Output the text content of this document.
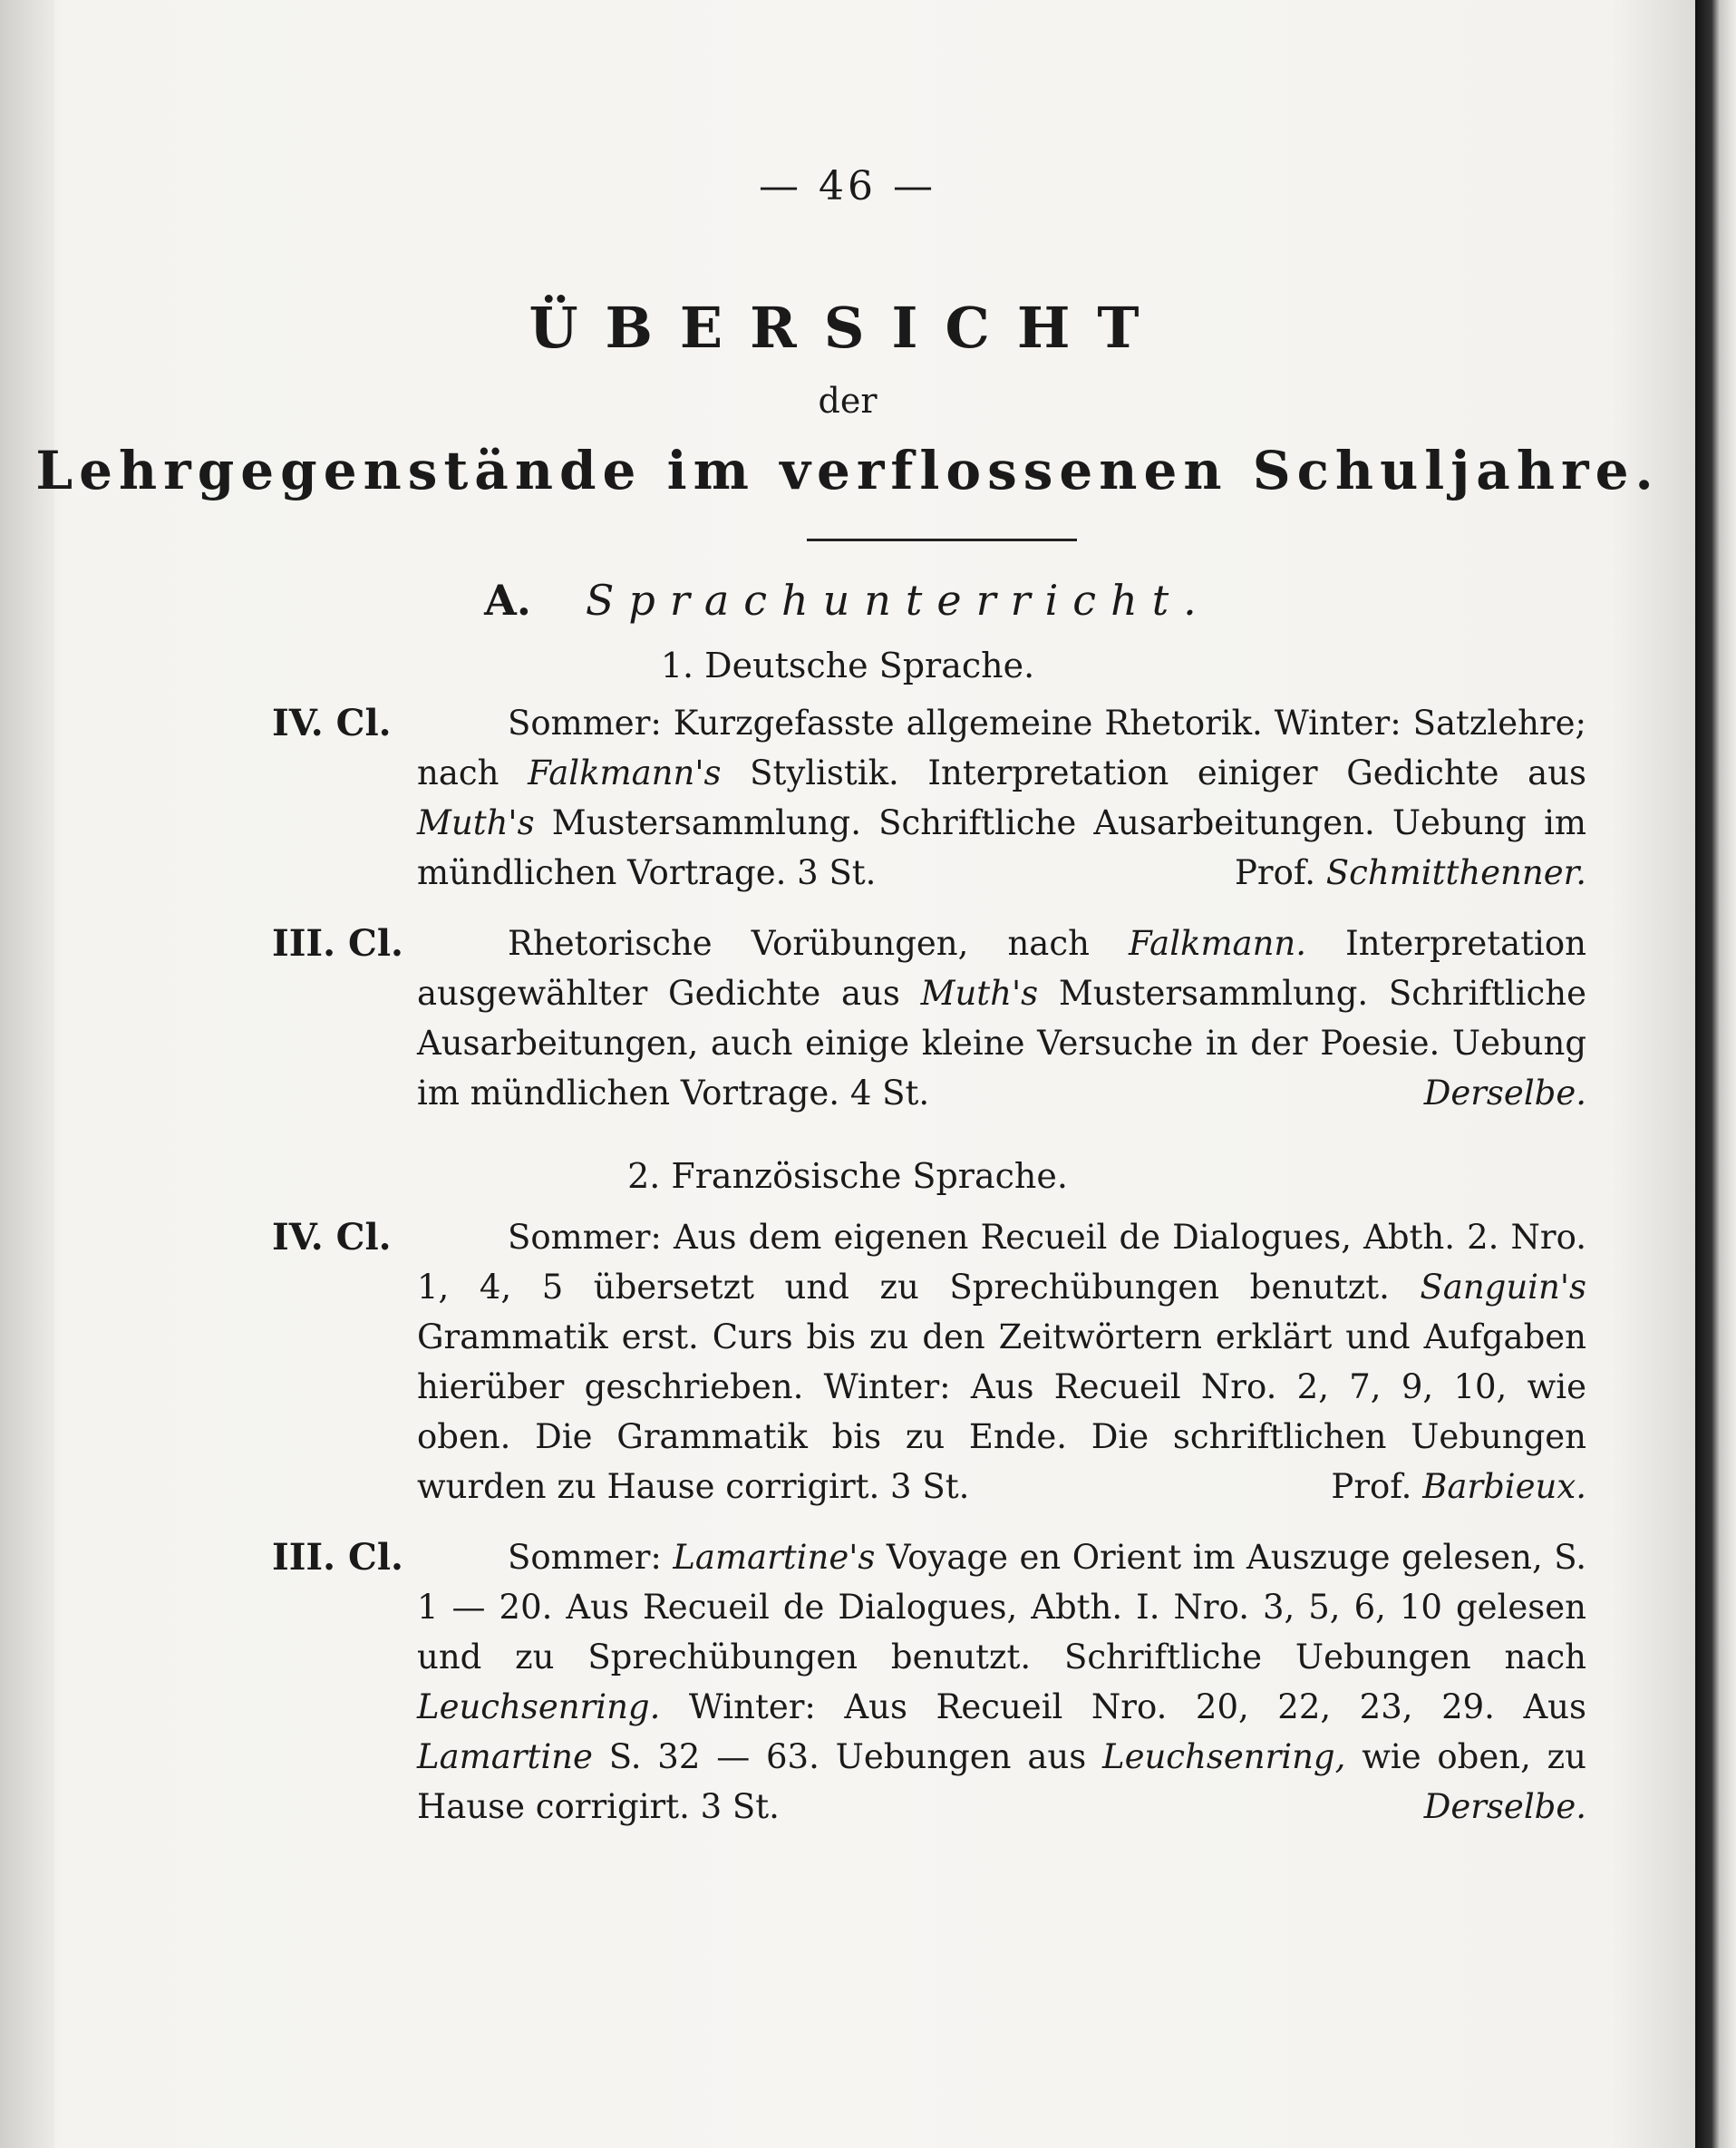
— 46 —
ÜBERSICHT
der
Lehrgegenstände im verflossenen Schuljahre.
A. Sprachunterricht.
1. Deutsche Sprache.
IV. Cl.	Sommer: Kurzgefasste allgemeine Rhetorik. Winter: Satzlehre; nach Falkmann's Stylistik. Interpretation einiger Gedichte aus Muth's Mustersammlung. Schriftliche Ausarbeitungen. Uebung im mündlichen Vortrage. 3 St.	Prof. Schmitthenner.
III. Cl.	Rhetorische Vorübungen, nach Falkmann. Interpretation ausgewählter Gedichte aus Muth's Mustersammlung. Schriftliche Ausarbeitungen, auch einige kleine Versuche in der Poesie. Uebung im mündlichen Vortrage. 4 St.	Derselbe.
2. Französische Sprache.
IV. Cl.	Sommer: Aus dem eigenen Recueil de Dialogues, Abth. 2. Nro. 1, 4, 5 übersetzt und zu Sprechübungen benutzt. Sanguin's Grammatik erst. Curs bis zu den Zeitwörtern erklärt und Aufgaben hierüber geschrieben. Winter: Aus Recueil Nro. 2, 7, 9, 10, wie oben. Die Grammatik bis zu Ende. Die schriftlichen Uebungen wurden zu Hause corrigirt. 3 St.	Prof. Barbieux.
III. Cl.	Sommer: Lamartine's Voyage en Orient im Auszuge gelesen, S. 1 — 20. Aus Recueil de Dialogues, Abth. I. Nro. 3, 5, 6, 10 gelesen und zu Sprechübungen benutzt. Schriftliche Uebungen nach Leuchsenring. Winter: Aus Recueil Nro. 20, 22, 23, 29. Aus Lamartine S. 32 — 63. Uebungen aus Leuchsenring, wie oben, zu Hause corrigirt. 3 St.	Derselbe.
